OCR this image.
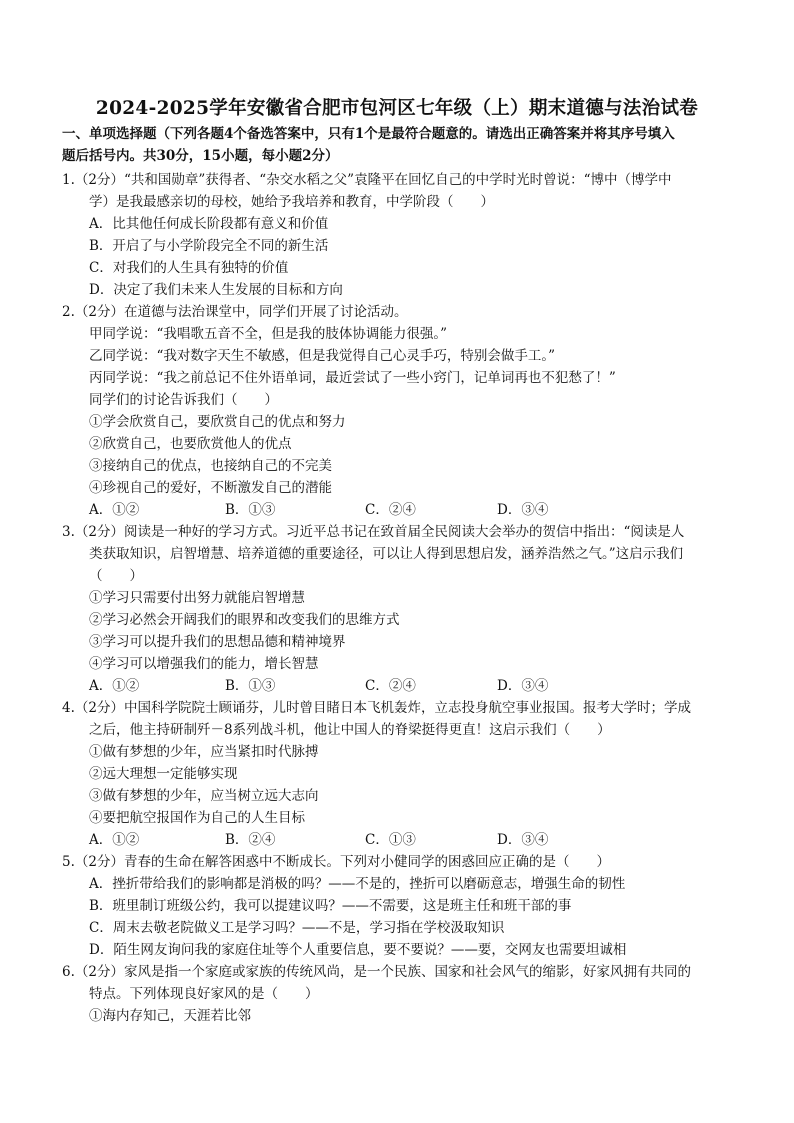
2024-2025学年安徽省合肥市包河区七年级（上）期末道德与法治试卷
一、单项选择题（下列各题4个备选答案中，只有1个是最符合题意的。请选出正确答案并将其序号填入
题后括号内。共30分，15小题，每小题2分）
1.（2分）“共和国勋章”获得者、“杂交水稻之父”袁隆平在回忆自己的中学时光时曾说：“博中（博学中
学）是我最感亲切的母校，她给予我培养和教育，中学阶段（　　）
A．比其他任何成长阶段都有意义和价值
B．开启了与小学阶段完全不同的新生活
C．对我们的人生具有独特的价值
D．决定了我们未来人生发展的目标和方向
2.（2分）在道德与法治课堂中，同学们开展了讨论活动。
甲同学说：“我唱歌五音不全，但是我的肢体协调能力很强。”
乙同学说：“我对数字天生不敏感，但是我觉得自己心灵手巧，特别会做手工。”
丙同学说：“我之前总记不住外语单词，最近尝试了一些小窍门，记单词再也不犯愁了！”
同学们的讨论告诉我们（　　）
①学会欣赏自己，要欣赏自己的优点和努力
②欣赏自己，也要欣赏他人的优点
③接纳自己的优点，也接纳自己的不完美
④珍视自己的爱好，不断激发自己的潜能
A．①②	B．①③	C．②④	D．③④
3.（2分）阅读是一种好的学习方式。习近平总书记在致首届全民阅读大会举办的贺信中指出：“阅读是人
类获取知识，启智增慧、培养道德的重要途径，可以让人得到思想启发，涵养浩然之气。”这启示我们
（　　）
①学习只需要付出努力就能启智增慧
②学习必然会开阔我们的眼界和改变我们的思维方式
③学习可以提升我们的思想品德和精神境界
④学习可以增强我们的能力，增长智慧
A．①②	B．①③	C．②④	D．③④
4.（2分）中国科学院院士顾诵芬，儿时曾目睹日本飞机轰炸，立志投身航空事业报国。报考大学时；学成
之后，他主持研制歼－8系列战斗机，他让中国人的脊梁挺得更直！这启示我们（　　）
①做有梦想的少年，应当紧扣时代脉搏
②远大理想一定能够实现
③做有梦想的少年，应当树立远大志向
④要把航空报国作为自己的人生目标
A．①②	B．②④	C．①③	D．③④
5.（2分）青春的生命在解答困惑中不断成长。下列对小健同学的困惑回应正确的是（　　）
A．挫折带给我们的影响都是消极的吗？——不是的，挫折可以磨砺意志，增强生命的韧性
B．班里制订班级公约，我可以提建议吗？——不需要，这是班主任和班干部的事
C．周末去敬老院做义工是学习吗？——不是，学习指在学校汲取知识
D．陌生网友询问我的家庭住址等个人重要信息，要不要说？——要，交网友也需要坦诚相
6.（2分）家风是指一个家庭或家族的传统风尚，是一个民族、国家和社会风气的缩影，好家风拥有共同的
特点。下列体现良好家风的是（　　）
①海内存知己，天涯若比邻
